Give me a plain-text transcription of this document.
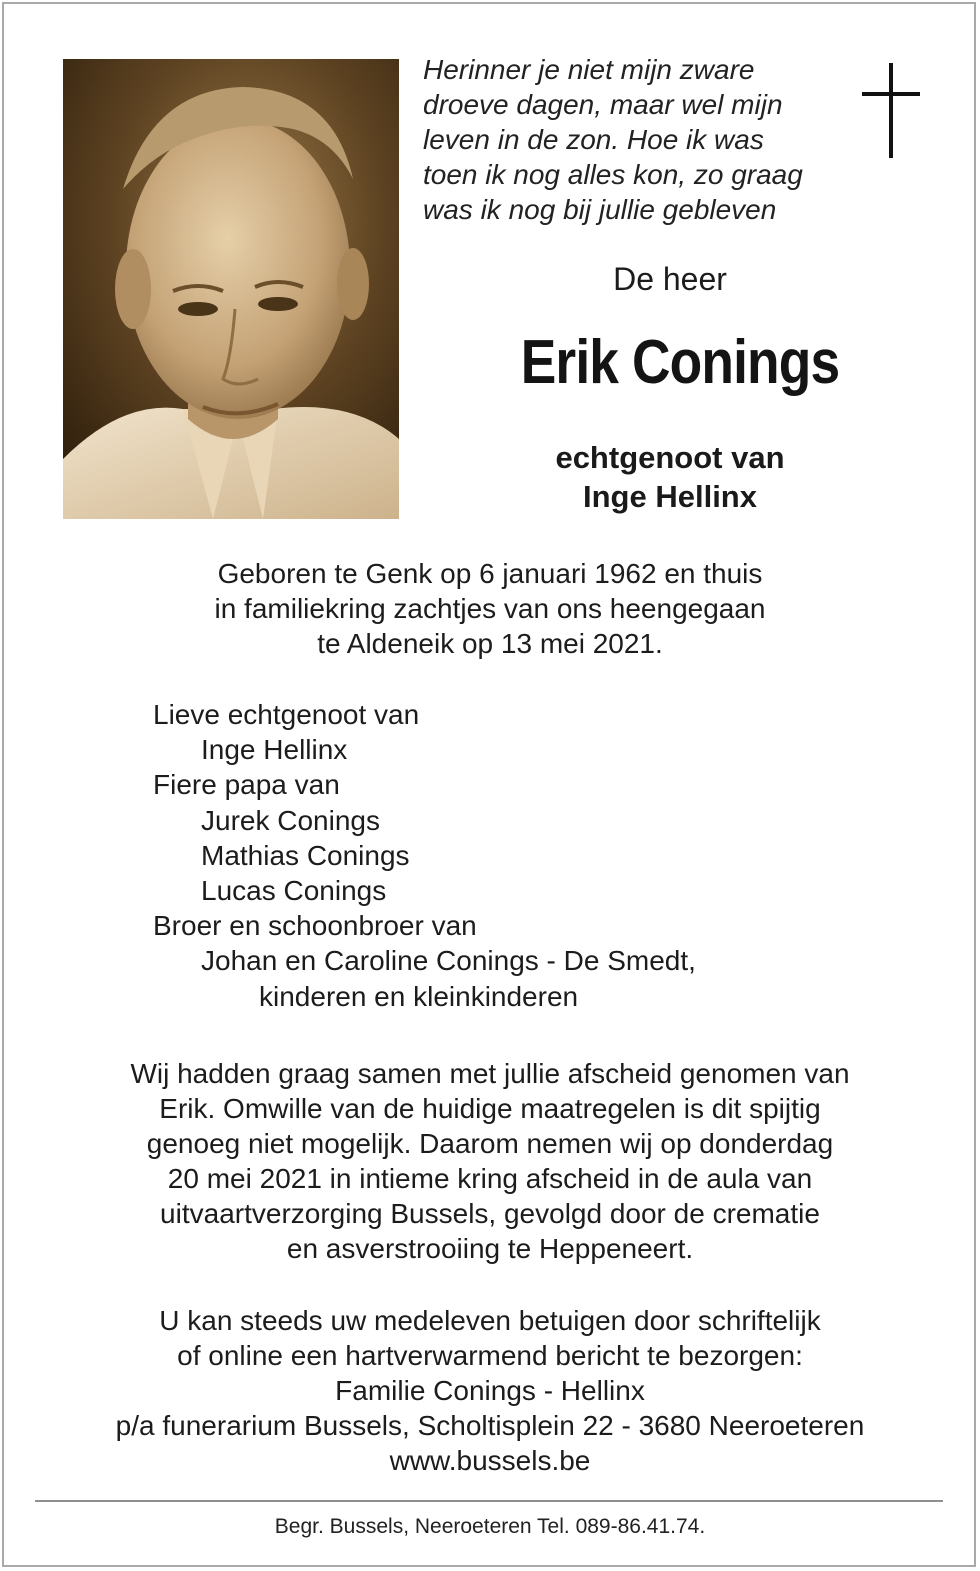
Herinner je niet mijn zware
droeve dagen, maar wel mijn
leven in de zon. Hoe ik was
toen ik nog alles kon, zo graag
was ik nog bij jullie gebleven
De heer
Erik Conings
echtgenoot van
Inge Hellinx
Geboren te Genk op 6 januari 1962 en thuis
in familiekring zachtjes van ons heengegaan
te Aldeneik op 13 mei 2021.
Lieve echtgenoot van
Inge Hellinx
Fiere papa van
Jurek Conings
Mathias Conings
Lucas Conings
Broer en schoonbroer van
Johan en Caroline Conings - De Smedt,
kinderen en kleinkinderen
Wij hadden graag samen met jullie afscheid genomen van
Erik. Omwille van de huidige maatregelen is dit spijtig
genoeg niet mogelijk. Daarom nemen wij op donderdag
20 mei 2021 in intieme kring afscheid in de aula van
uitvaartverzorging Bussels, gevolgd door de crematie
en asverstrooiing te Heppeneert.
U kan steeds uw medeleven betuigen door schriftelijk
of online een hartverwarmend bericht te bezorgen:
Familie Conings - Hellinx
p/a funerarium Bussels, Scholtisplein 22 - 3680 Neeroeteren
www.bussels.be
Begr. Bussels, Neeroeteren Tel. 089-86.41.74.
